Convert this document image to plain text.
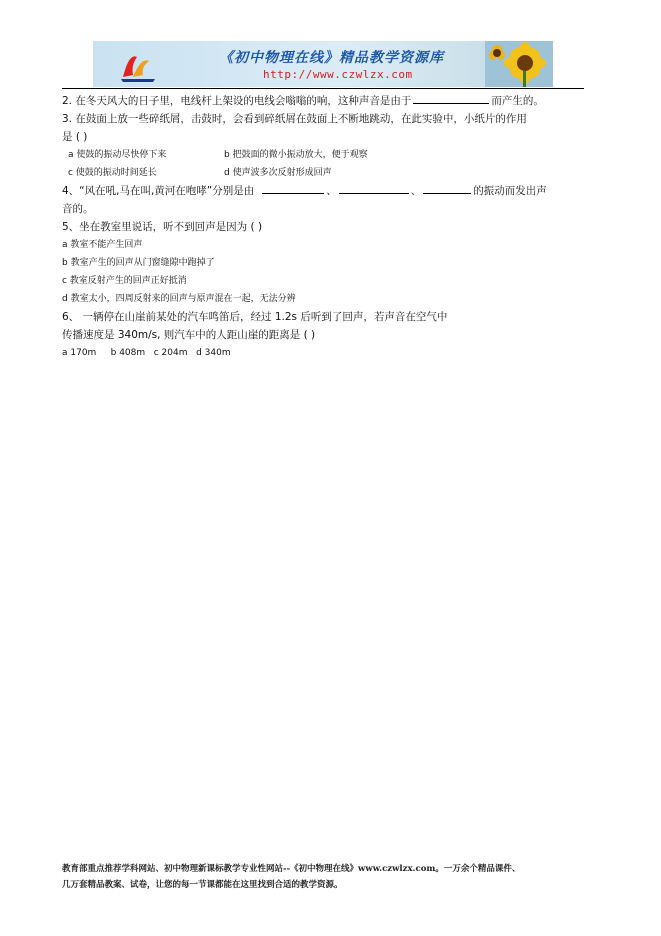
《初中物理在线》精品教学资源库
http://www.czwlzx.com
2. 在冬天风大的日子里，电线杆上架设的电线会嗡嗡的响，这种声音是由于	而产生的。
3. 在鼓面上放一些碎纸屑，击鼓时，会看到碎纸屑在鼓面上不断地跳动，在此实验中，小纸片的作用
是 ( )
a 使鼓的振动尽快停下来	b 把鼓面的微小振动放大，便于观察
c 使鼓的振动时间延长	d 使声波多次反射形成回声
4、“风在吼,马在叫,黄河在咆哮”分别是由	、	、	的振动而发出声
音的。
5、坐在教室里说话，听不到回声是因为 ( )
a 教室不能产生回声
b 教室产生的回声从门窗缝隙中跑掉了
c 教室反射产生的回声正好抵消
d 教室太小，四周反射来的回声与原声混在一起，无法分辨
6、 一辆停在山崖前某处的汽车鸣笛后，经过 1.2s 后听到了回声，若声音在空气中
传播速度是 340m/s, 则汽车中的人距山崖的距离是 ( )
a 170m     b 408m   c 204m   d 340m
教育部重点推荐学科网站、初中物理新课标教学专业性网站--《初中物理在线》www.czwlzx.com。一万余个精品课件、
几万套精品教案、试卷，让您的每一节课都能在这里找到合适的教学资源。
